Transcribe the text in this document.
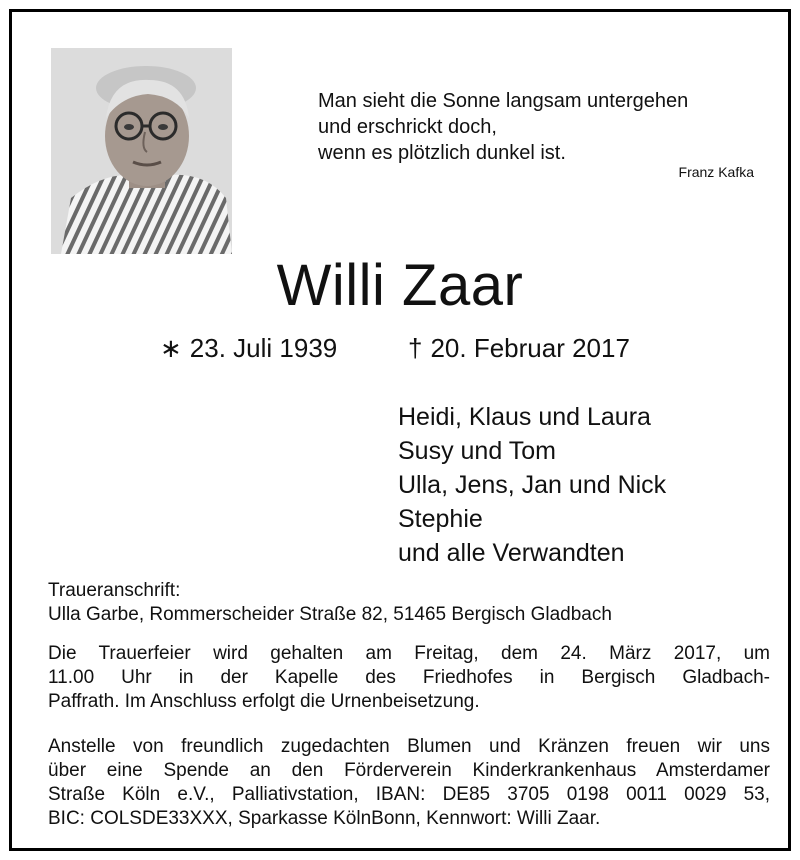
Man sieht die Sonne langsam untergehen
und erschrickt doch,
wenn es plötzlich dunkel ist.
Franz Kafka
Willi Zaar
∗ 23. Juli 1939	† 20. Februar 2017
Heidi, Klaus und Laura
Susy und Tom
Ulla, Jens, Jan und Nick
Stephie
und alle Verwandten
Traueranschrift:
Ulla Garbe, Rommerscheider Straße 82, 51465 Bergisch Gladbach
Die Trauerfeier wird gehalten am Freitag, dem 24. März 2017, um
11.00 Uhr in der Kapelle des Friedhofes in Bergisch Gladbach-
Paffrath. Im Anschluss erfolgt die Urnenbeisetzung.
Anstelle von freundlich zugedachten Blumen und Kränzen freuen wir uns
über eine Spende an den Förderverein Kinderkrankenhaus Amsterdamer
Straße Köln e.V., Palliativstation, IBAN: DE85 3705 0198 0011 0029 53,
BIC: COLSDE33XXX, Sparkasse KölnBonn, Kennwort: Willi Zaar.
